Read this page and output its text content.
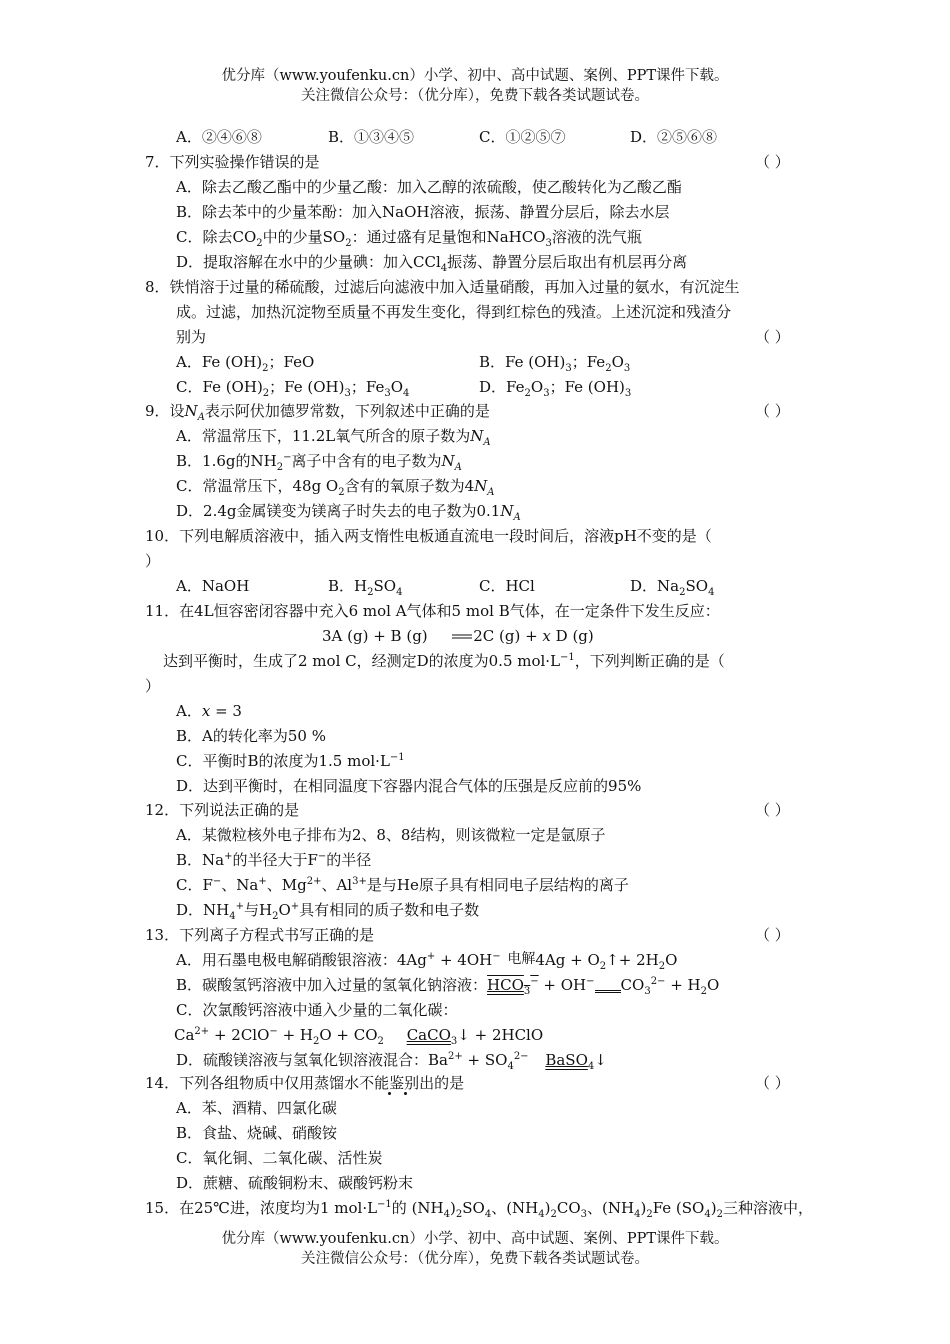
优分库（www.youfenku.cn）小学、初中、高中试题、案例、PPT课件下载。
关注微信公众号：（优分库），免费下载各类试题试卷。
A．②④⑥⑧	B．①③④⑤	C．①②⑤⑦	D．②⑤⑥⑧
7．下列实验操作错误的是	（ ）
A．除去乙酸乙酯中的少量乙酸：加入乙醇的浓硫酸，使乙酸转化为乙酸乙酯
B．除去苯中的少量苯酚：加入NaOH溶液，振荡、静置分层后，除去水层
C．除去$CO_2$中的少量$SO_2$：通过盛有足量饱和NaHCO$_3$溶液的洗气瓶
D．提取溶解在水中的少量碘：加入CCl$_4$振荡、静置分层后取出有机层再分离
8．铁悄溶于过量的稀硫酸，过滤后向滤液中加入适量硝酸，再加入过量的氨水，有沉淀生
成。过滤，加热沉淀物至质量不再发生变化，得到红棕色的残渣。上述沉淀和残渣分
别为	（ ）
A．Fe $(OH)_2$；FeO	B．Fe $(OH)_3$；$Fe_2O_3$
C．Fe $(OH)_2$；Fe $(OH)_3$；$Fe_3O_4$	D．$Fe_2O_3$；Fe $(OH)_3$
9．设$N_A$表示阿伏加德罗常数，下列叙述中正确的是	（ ）
A．常温常压下，11.2L氧气所含的原子数为$N_A$
B．1.6g的$NH_2^-$离子中含有的电子数为$N_A$
C．常温常压下，48g $O_2$含有的氧原子数为$4N_A$
D．2.4g金属镁变为镁离子时失去的电子数为$0.1N_A$
10．下列电解质溶液中，插入两支惰性电板通直流电一段时间后，溶液pH不变的是（
）
A．NaOH	B．$H_2SO_4$	C．HCl	D．$Na_2SO_4$
11．在4L恒容密闭容器中充入6 mol A气体和5 mol B气体，在一定条件下发生反应：
3A (g) + B (g)	2C (g) + x D (g)
达到平衡时，生成了2 mol C，经测定D的浓度为0.5 $mol\cdot L^{-1}$，下列判断正确的是（
）
A．x = 3
B．A的转化率为50 %
C．平衡时B的浓度为1.5 $mol\cdot L^{-1}$
D．达到平衡时，在相同温度下容器内混合气体的压强是反应前的95%
12．下列说法正确的是	（ ）
A．某微粒核外电子排布为2、8、8结构，则该微粒一定是氩原子
B．Na+的半径大于F−的半径
C．F−、Na+、$Mg^{2+}$、$Al^{3+}$是与He原子具有相同电子层结构的离子
D．$NH_4^+$与$H_2O^+$具有相同的质子数和电子数
13．下列离子方程式书写正确的是	（ ）
A．用石墨电极电解硝酸银溶液：4Ag+ + 4OH− 电解 $4Ag + O_2↑+ 2H_2O$
B．碳酸氢钙溶液中加入过量的氢氧化钠溶液：$HCO_3^- + OH^-$ $CO_3^{2-} + H_2O$
C．次氯酸钙溶液中通入少量的二氧化碳：
$Ca^{2+} + 2ClO^- + H_2O + CO_2$ CaCO$_3$↓ + 2HClO
D．硫酸镁溶液与氢氧化钡溶液混合：$Ba^{2+} + SO_4^{2-}$ BaSO$_4$↓
14．下列各组物质中仅用蒸馏水不能鉴别出的是	（ ）
A．苯、酒精、四氯化碳
B．食盐、烧碱、硝酸铵
C．氧化铜、二氧化碳、活性炭
D．蔗糖、硫酸铜粉末、碳酸钙粉末
15．在25℃进，浓度均为1 $mol\cdot L^{-1}$的 $(NH_4)_2SO_4$、$(NH_4)_2CO_3$、$(NH_4)_2Fe$ $(SO_4)_2$三种溶液中，
优分库（www.youfenku.cn）小学、初中、高中试题、案例、PPT课件下载。
关注微信公众号：（优分库），免费下载各类试题试卷。
